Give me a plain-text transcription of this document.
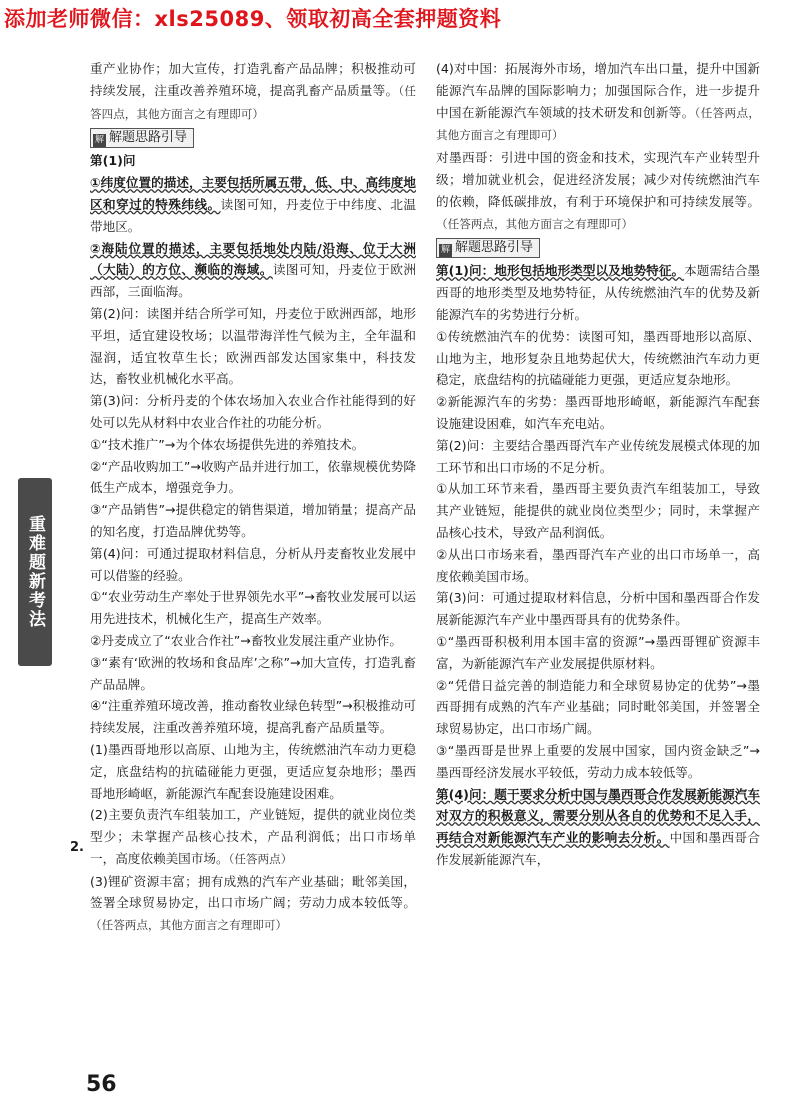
添加老师微信：xls25089、领取初高全套押题资料
重难题新考法
2.

重产业协作；加大宣传，打造乳畜产品品牌；积极推动可持续发展，注重改善养殖环境，提高乳畜产品质量等。（任答四点，其他方面言之有理即可）

解 解题思路引导

第(1)问

①纬度位置的描述，主要包括所属五带，低、中、高纬度地区和穿过的特殊纬线。读图可知，丹麦位于中纬度、北温带地区。

②海陆位置的描述，主要包括地处内陆/沿海、位于大洲（大陆）的方位、濒临的海域。读图可知，丹麦位于欧洲西部，三面临海。

第(2)问：读图并结合所学可知，丹麦位于欧洲西部，地形平坦，适宜建设牧场；以温带海洋性气候为主，全年温和湿润，适宜牧草生长；欧洲西部发达国家集中，科技发达，畜牧业机械化水平高。

第(3)问：分析丹麦的个体农场加入农业合作社能得到的好处可以先从材料中农业合作社的功能分析。

①“技术推广”→为个体农场提供先进的养殖技术。

②“产品收购加工”→收购产品并进行加工，依靠规模优势降低生产成本，增强竞争力。

③“产品销售”→提供稳定的销售渠道，增加销量；提高产品的知名度，打造品牌优势等。

第(4)问：可通过提取材料信息，分析从丹麦畜牧业发展中可以借鉴的经验。

①“农业劳动生产率处于世界领先水平”→畜牧业发展可以运用先进技术，机械化生产，提高生产效率。

②丹麦成立了“农业合作社”→畜牧业发展注重产业协作。

③“素有‘欧洲的牧场和食品库’之称”→加大宣传，打造乳畜产品品牌。

④“注重养殖环境改善，推动畜牧业绿色转型”→积极推动可持续发展，注重改善养殖环境，提高乳畜产品质量等。

(1)墨西哥地形以高原、山地为主，传统燃油汽车动力更稳定，底盘结构的抗磕碰能力更强，更适应复杂地形；墨西哥地形崎岖，新能源汽车配套设施建设困难。

(2)主要负责汽车组装加工，产业链短，提供的就业岗位类型少；未掌握产品核心技术，产品利润低；出口市场单一，高度依赖美国市场。（任答两点）

(3)锂矿资源丰富；拥有成熟的汽车产业基础；毗邻美国，签署全球贸易协定，出口市场广阔；劳动力成本较低等。（任答两点，其他方面言之有理即可）

(4)对中国：拓展海外市场，增加汽车出口量，提升中国新能源汽车品牌的国际影响力；加强国际合作，进一步提升中国在新能源汽车领域的技术研发和创新等。（任答两点，其他方面言之有理即可）

对墨西哥：引进中国的资金和技术，实现汽车产业转型升级；增加就业机会，促进经济发展；减少对传统燃油汽车的依赖，降低碳排放，有利于环境保护和可持续发展等。（任答两点，其他方面言之有理即可）

解 解题思路引导

第(1)问：地形包括地形类型以及地势特征。本题需结合墨西哥的地形类型及地势特征，从传统燃油汽车的优势及新能源汽车的劣势进行分析。

①传统燃油汽车的优势：读图可知，墨西哥地形以高原、山地为主，地形复杂且地势起伏大，传统燃油汽车动力更稳定，底盘结构的抗磕碰能力更强，更适应复杂地形。

②新能源汽车的劣势：墨西哥地形崎岖，新能源汽车配套设施建设困难，如汽车充电站。

第(2)问：主要结合墨西哥汽车产业传统发展模式体现的加工环节和出口市场的不足分析。

①从加工环节来看，墨西哥主要负责汽车组装加工，导致其产业链短，能提供的就业岗位类型少；同时，未掌握产品核心技术，导致产品利润低。

②从出口市场来看，墨西哥汽车产业的出口市场单一，高度依赖美国市场。

第(3)问：可通过提取材料信息，分析中国和墨西哥合作发展新能源汽车产业中墨西哥具有的优势条件。

①“墨西哥积极利用本国丰富的资源”→墨西哥锂矿资源丰富，为新能源汽车产业发展提供原材料。

②“凭借日益完善的制造能力和全球贸易协定的优势”→墨西哥拥有成熟的汽车产业基础；同时毗邻美国，并签署全球贸易协定，出口市场广阔。

③“墨西哥是世界上重要的发展中国家，国内资金缺乏”→墨西哥经济发展水平较低，劳动力成本较低等。

第(4)问：题干要求分析中国与墨西哥合作发展新能源汽车对双方的积极意义，需要分别从各自的优势和不足入手，再结合对新能源汽车产业的影响去分析。中国和墨西哥合作发展新能源汽车，

56
